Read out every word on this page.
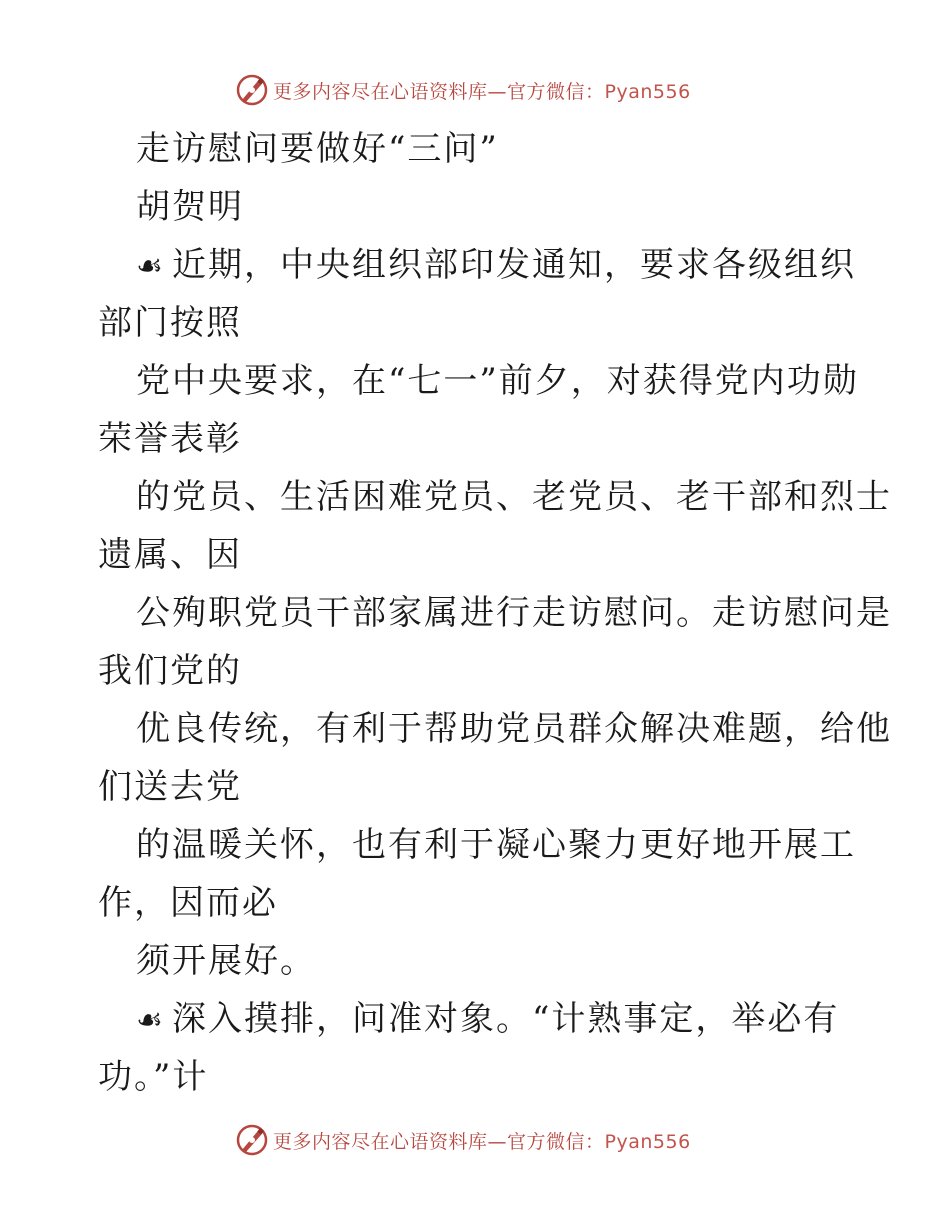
更多内容尽在心语资料库—官方微信：Pyan556
走访慰问要做好“三问”
胡贺明
☙ 近期，中央组织部印发通知，要求各级组织
部门按照
党中央要求，在“七一”前夕，对获得党内功勋
荣誉表彰
的党员、生活困难党员、老党员、老干部和烈士
遗属、因
公殉职党员干部家属进行走访慰问。走访慰问是
我们党的
优良传统，有利于帮助党员群众解决难题，给他
们送去党
的温暖关怀，也有利于凝心聚力更好地开展工
作，因而必
须开展好。
☙ 深入摸排，问准对象。“计熟事定，举必有
功。”计
更多内容尽在心语资料库—官方微信：Pyan556
